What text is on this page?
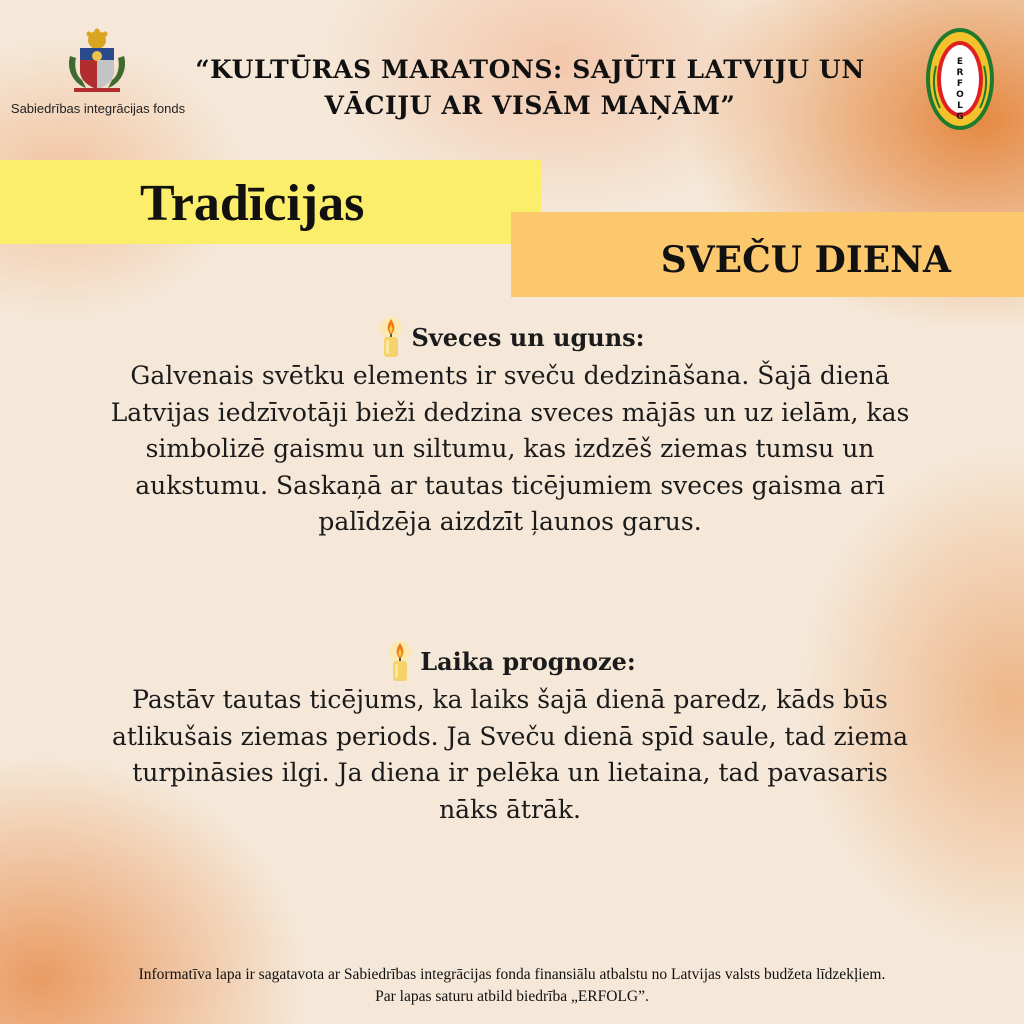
Sabiedrības integrācijas fonds
“KULTŪRAS MARATONS: SAJŪTI LATVIJU UN VĀCIJU AR VISĀM MAŅĀM”
E
R
F
O
L
G
Tradīcijas
SVEČU DIENA
Sveces un uguns:
Galvenais svētku elements ir sveču dedzināšana. Šajā dienā Latvijas iedzīvotāji bieži dedzina sveces mājās un uz ielām, kas simbolizē gaismu un siltumu, kas izdzēš ziemas tumsu un aukstumu. Saskaņā ar tautas ticējumiem sveces gaisma arī palīdzēja aizdzīt ļaunos garus.
Laika prognoze:
Pastāv tautas ticējums, ka laiks šajā dienā paredz, kāds būs atlikušais ziemas periods. Ja Sveču dienā spīd saule, tad ziema turpināsies ilgi. Ja diena ir pelēka un lietaina, tad pavasaris nāks ātrāk.
Informatīva lapa ir sagatavota ar Sabiedrības integrācijas fonda finansiālu atbalstu no Latvijas valsts budžeta līdzekļiem.
Par lapas saturu atbild biedrība „ERFOLG”.
